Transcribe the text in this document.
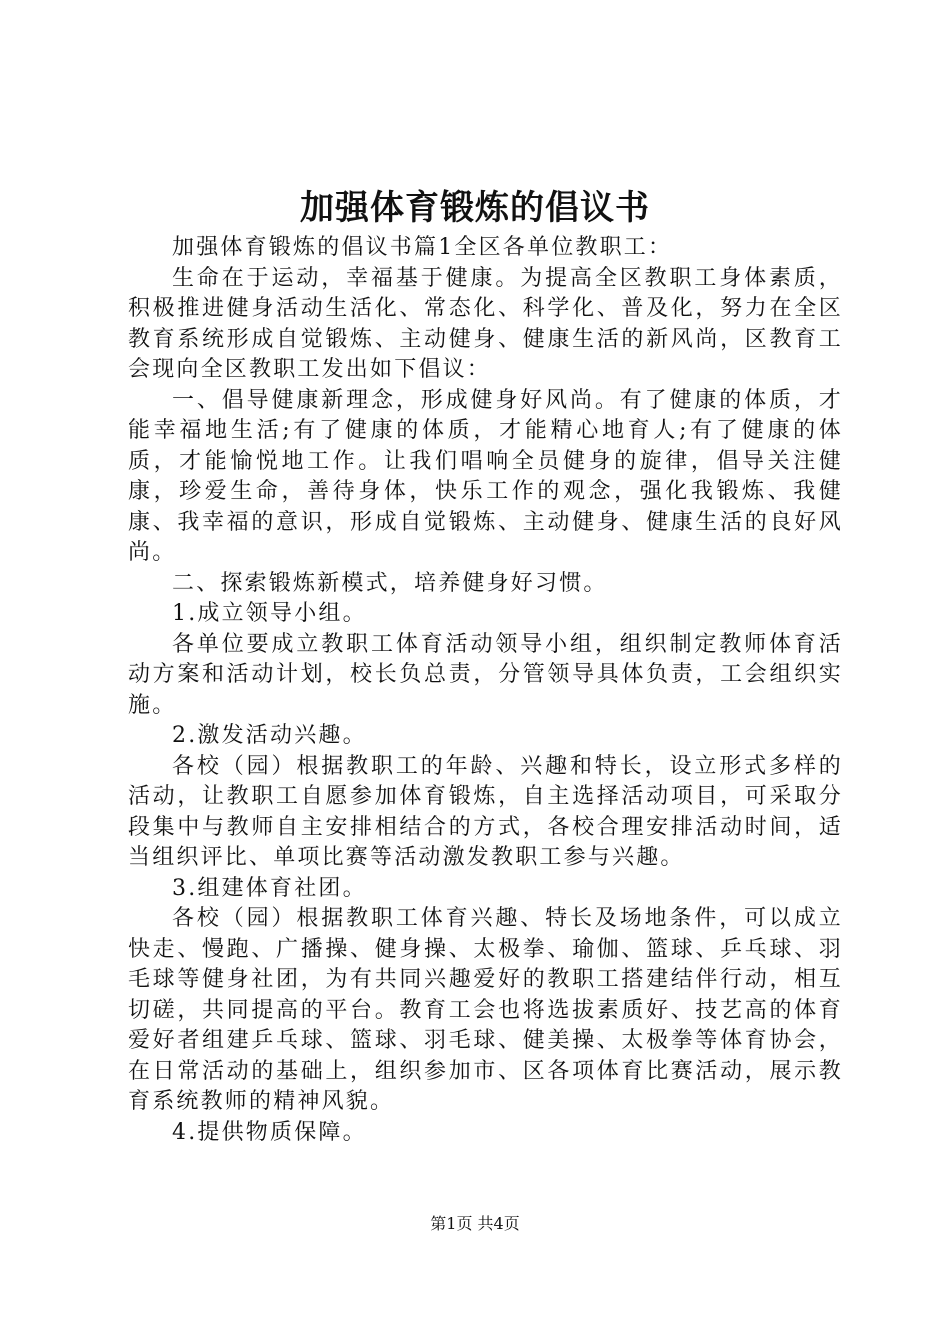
加强体育锻炼的倡议书

加强体育锻炼的倡议书篇1全区各单位教职工：

生命在于运动，幸福基于健康。为提高全区教职工身体素质，积极推进健身活动生活化、常态化、科学化、普及化，努力在全区教育系统形成自觉锻炼、主动健身、健康生活的新风尚，区教育工会现向全区教职工发出如下倡议：

一、倡导健康新理念，形成健身好风尚。有了健康的体质，才能幸福地生活;有了健康的体质，才能精心地育人;有了健康的体质，才能愉悦地工作。让我们唱响全员健身的旋律，倡导关注健康，珍爱生命，善待身体，快乐工作的观念，强化我锻炼、我健康、我幸福的意识，形成自觉锻炼、主动健身、健康生活的良好风尚。

二、探索锻炼新模式，培养健身好习惯。

1.成立领导小组。

各单位要成立教职工体育活动领导小组，组织制定教师体育活动方案和活动计划，校长负总责，分管领导具体负责，工会组织实施。

2.激发活动兴趣。

各校（园）根据教职工的年龄、兴趣和特长，设立形式多样的活动，让教职工自愿参加体育锻炼，自主选择活动项目，可采取分段集中与教师自主安排相结合的方式，各校合理安排活动时间，适当组织评比、单项比赛等活动激发教职工参与兴趣。

3.组建体育社团。

各校（园）根据教职工体育兴趣、特长及场地条件，可以成立快走、慢跑、广播操、健身操、太极拳、瑜伽、篮球、乒乓球、羽毛球等健身社团，为有共同兴趣爱好的教职工搭建结伴行动，相互切磋，共同提高的平台。教育工会也将选拔素质好、技艺高的体育爱好者组建乒乓球、篮球、羽毛球、健美操、太极拳等体育协会，在日常活动的基础上，组织参加市、区各项体育比赛活动，展示教育系统教师的精神风貌。

4.提供物质保障。

第1页 共4页
